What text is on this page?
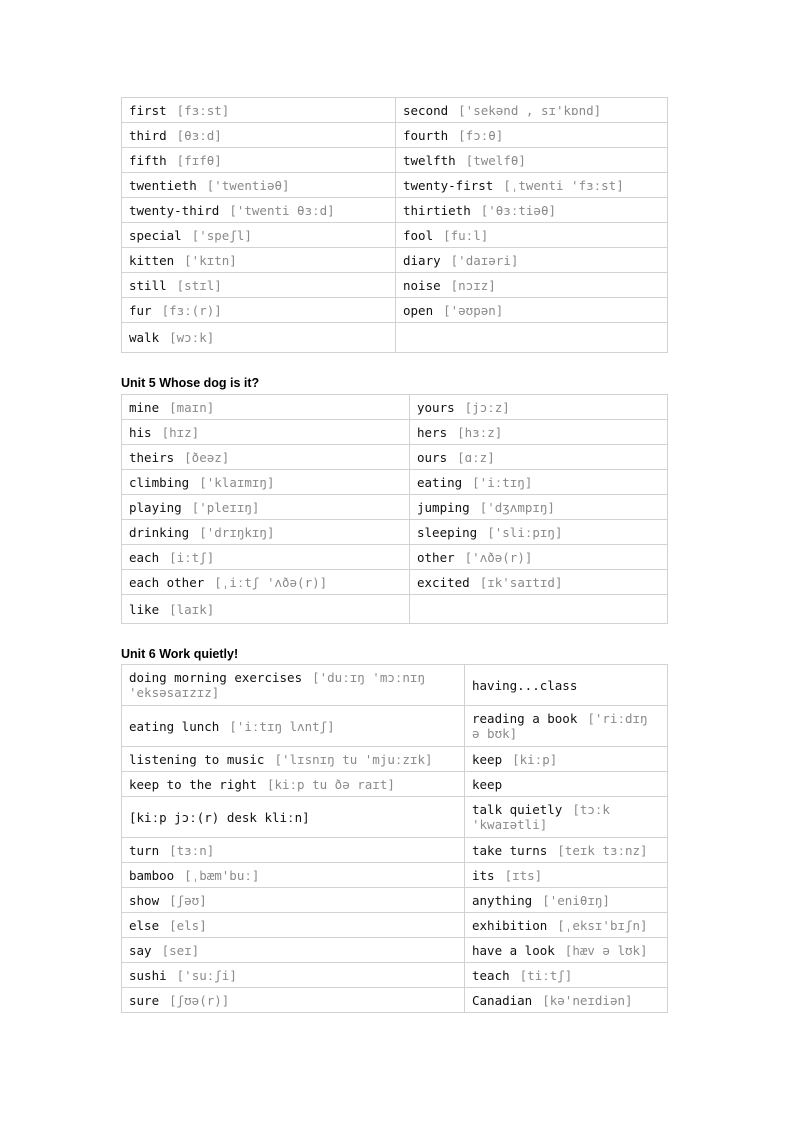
first [fɜːst]	second ['sekənd , sɪ'kɒnd]
third [θɜːd]	fourth [fɔːθ]
fifth [fɪfθ]	twelfth [twelfθ]
twentieth ['twentiəθ]	twenty-first [ˌtwenti 'fɜːst]
twenty-third ['twenti θɜːd]	thirtieth ['θɜːtiəθ]
special ['speʃl]	fool [fuːl]
kitten ['kɪtn]	diary ['daɪəri]
still [stɪl]	noise [nɔɪz]
fur [fɜː(r)]	open ['əʊpən]
walk [wɔːk]	
Unit 5 Whose dog is it?
mine [maɪn]	yours [jɔːz]
his [hɪz]	hers [hɜːz]
theirs [ðeəz]	ours [ɑːz]
climbing ['klaɪmɪŋ]	eating ['iːtɪŋ]
playing ['pleɪɪŋ]	jumping ['dʒʌmpɪŋ]
drinking ['drɪŋkɪŋ]	sleeping ['sliːpɪŋ]
each [iːtʃ]	other ['ʌðə(r)]
each other [ˌiːtʃ 'ʌðə(r)]	excited [ɪk'saɪtɪd]
like [laɪk]	
Unit 6 Work quietly!
doing morning exercises ['duːɪŋ 'mɔːnɪŋ 'eksəsaɪzɪz]	having...class
eating lunch ['iːtɪŋ lʌntʃ]	reading a book ['riːdɪŋ ə bʊk]
listening to music ['lɪsnɪŋ tu 'mjuːzɪk]	keep [kiːp]
keep to the right [kiːp tu ðə raɪt]	keep
[kiːp jɔː(r) desk kliːn]	talk quietly [tɔːk 'kwaɪətli]
turn [tɜːn]	take turns [teɪk tɜːnz]
bamboo [ˌbæm'buː]	its [ɪts]
show [ʃəʊ]	anything ['eniθɪŋ]
else [els]	exhibition [ˌeksɪ'bɪʃn]
say [seɪ]	have a look [hæv ə lʊk]
sushi ['suːʃi]	teach [tiːtʃ]
sure [ʃʊə(r)]	Canadian [kə'neɪdiən]
